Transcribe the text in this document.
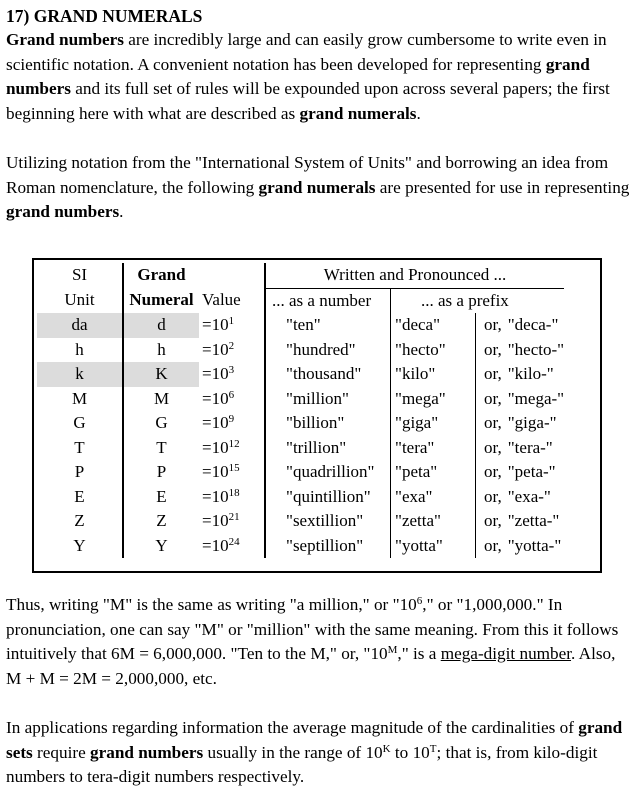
17) GRAND NUMERALS

Grand numbers are incredibly large and can easily grow cumbersome to write even in scientific notation. A convenient notation has been developed for representing grand numbers and its full set of rules will be expounded upon across several papers; the first beginning here with what are described as grand numerals.

Utilizing notation from the "International System of Units" and borrowing an idea from Roman nomenclature, the following grand numerals are presented for use in representing grand numbers.

SI	Grand		Written and Pronounced ...			
Unit	Numeral	Value	... as a number	... as a prefix		
da	d	$=10^1$	"ten"	"deca"	or,	"deca-"
h	h	$=10^2$	"hundred"	"hecto"	or,	"hecto-"
k	K	$=10^3$	"thousand"	"kilo"	or,	"kilo-"
M	M	$=10^6$	"million"	"mega"	or,	"mega-"
G	G	$=10^9$	"billion"	"giga"	or,	"giga-"
T	T	$=10^{12}$	"trillion"	"tera"	or,	"tera-"
P	P	$=10^{15}$	"quadrillion"	"peta"	or,	"peta-"
E	E	$=10^{18}$	"quintillion"	"exa"	or,	"exa-"
Z	Z	$=10^{21}$	"sextillion"	"zetta"	or,	"zetta-"
Y	Y	$=10^{24}$	"septillion"	"yotta"	or,	"yotta-"

Thus, writing "M" is the same as writing "a million," or "$10^6$," or "1,000,000." In pronunciation, one can say "M" or "million" with the same meaning. From this it follows intuitively that 6M = 6,000,000. "Ten to the M," or, "$10^M$," is a mega-digit number. Also, M + M = 2M = 2,000,000, etc.

In applications regarding information the average magnitude of the cardinalities of grand sets require grand numbers usually in the range of $10^K$ to $10^T$; that is, from kilo-digit numbers to tera-digit numbers respectively.
